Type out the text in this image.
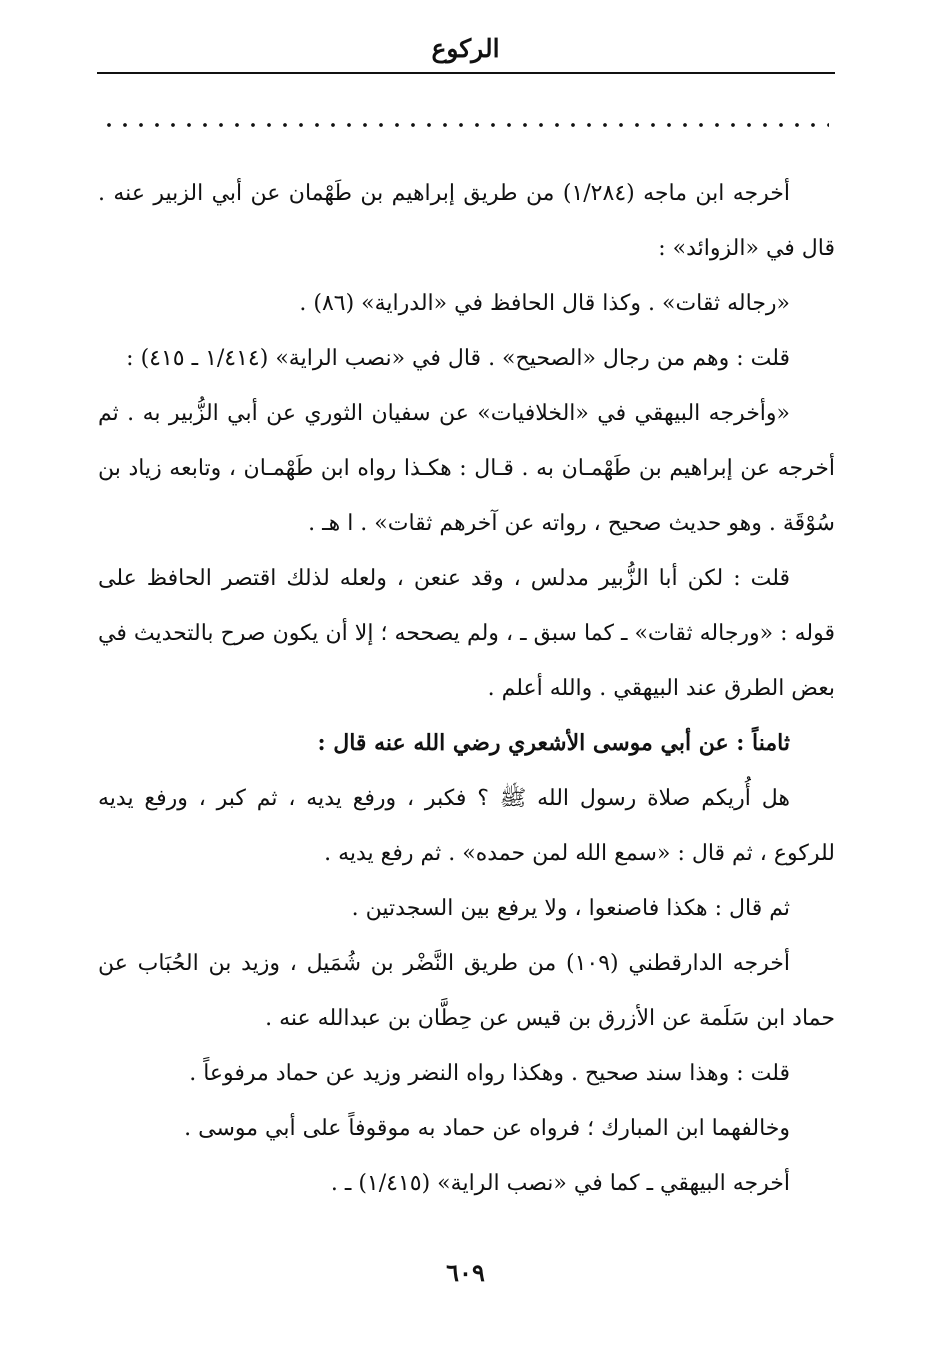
الركوع

أخرجه ابن ماجه (١/٢٨٤) من طريق إبراهيم بن طَهْمان عن أبي الزبير عنه . قال في «الزوائد» :

«رجاله ثقات» . وكذا قال الحافظ في «الدراية» (٨٦) .

قلت : وهم من رجال «الصحيح» . قال في «نصب الراية» (١/٤١٤ ـ ٤١٥) :

«وأخرجه البيهقي في «الخلافيات» عن سفيان الثوري عن أبي الزُّبير به . ثم أخرجه عن إبراهيم بن طَهْمـان به . قـال : هكـذا رواه ابن طَهْمـان ، وتابعه زياد بن سُوْقَة . وهو حديث صحيح ، رواته عن آخرهم ثقات» . ا هـ .

قلت : لكن أبا الزُّبير مدلس ، وقد عنعن ، ولعله لذلك اقتصر الحافظ على قوله : «ورجاله ثقات» ـ كما سبق ـ ، ولم يصححه ؛ إلا أن يكون صرح بالتحديث في بعض الطرق عند البيهقي . والله أعلم .

ثامناً : عن أبي موسى الأشعري رضي الله عنه قال :

هل أُريكم صلاة رسول الله ﷺ ؟ فكبر ، ورفع يديه ، ثم كبر ، ورفع يديه للركوع ، ثم قال : «سمع الله لمن حمده» . ثم رفع يديه .

ثم قال : هكذا فاصنعوا ، ولا يرفع بين السجدتين .

أخرجه الدارقطني (١٠٩) من طريق النَّضْر بن شُمَيل ، وزيد بن الحُبَاب عن حماد ابن سَلَمة عن الأزرق بن قيس عن حِطَّان بن عبدالله عنه .

قلت : وهذا سند صحيح . وهكذا رواه النضر وزيد عن حماد مرفوعاً .

وخالفهما ابن المبارك ؛ فرواه عن حماد به موقوفاً على أبي موسى .

أخرجه البيهقي ـ كما في «نصب الراية» (١/٤١٥) ـ .

٦٠٩
